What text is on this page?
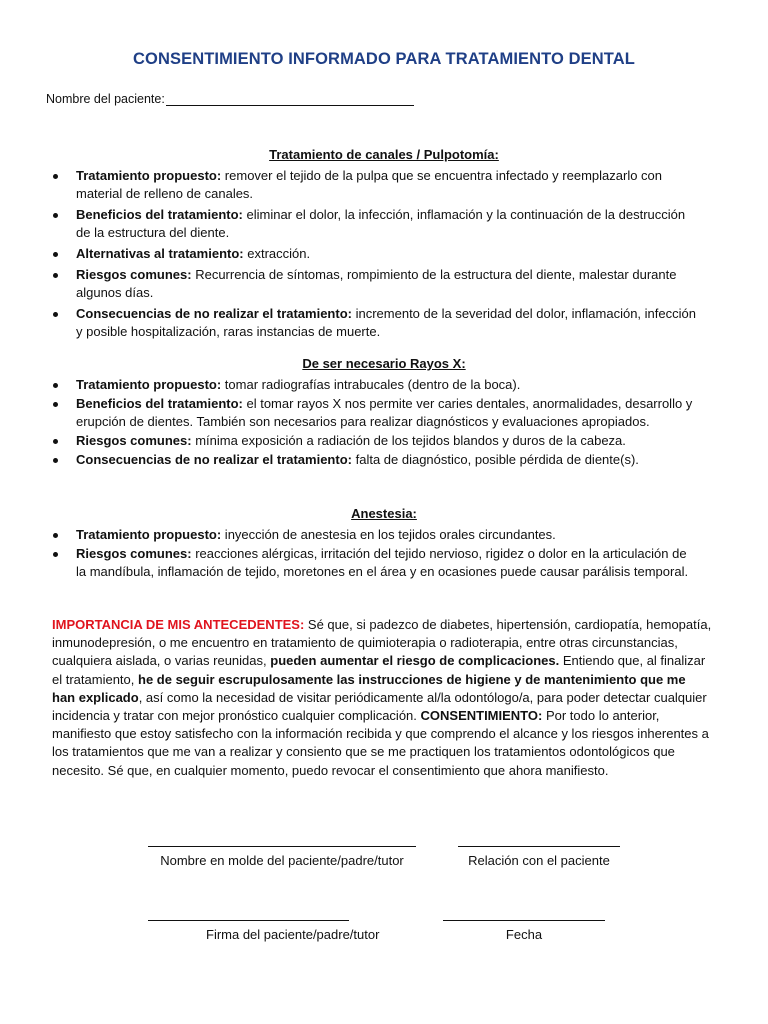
CONSENTIMIENTO INFORMADO PARA TRATAMIENTO DENTAL
Nombre del paciente:
Tratamiento de canales / Pulpotomía:
Tratamiento propuesto: remover el tejido de la pulpa que se encuentra infectado y reemplazarlo con material de relleno de canales.
Beneficios del tratamiento: eliminar el dolor, la infección, inflamación y la continuación de la destrucción de la estructura del diente.
Alternativas al tratamiento: extracción.
Riesgos comunes: Recurrencia de síntomas, rompimiento de la estructura del diente, malestar durante algunos días.
Consecuencias de no realizar el tratamiento: incremento de la severidad del dolor, inflamación, infección y posible hospitalización, raras instancias de muerte.
De ser necesario Rayos X:
Tratamiento propuesto: tomar radiografías intrabucales (dentro de la boca).
Beneficios del tratamiento: el tomar rayos X nos permite ver caries dentales, anormalidades, desarrollo y erupción de dientes. También son necesarios para realizar diagnósticos y evaluaciones apropiados.
Riesgos comunes: mínima exposición a radiación de los tejidos blandos y duros de la cabeza.
Consecuencias de no realizar el tratamiento: falta de diagnóstico, posible pérdida de diente(s).
Anestesia:
Tratamiento propuesto: inyección de anestesia en los tejidos orales circundantes.
Riesgos comunes: reacciones alérgicas, irritación del tejido nervioso, rigidez o dolor en la articulación de la mandíbula, inflamación de tejido, moretones en el área y en ocasiones puede causar parálisis temporal.
IMPORTANCIA DE MIS ANTECEDENTES: Sé que, si padezco de diabetes, hipertensión, cardiopatía, hemopatía, inmunodepresión, o me encuentro en tratamiento de quimioterapia o radioterapia, entre otras circunstancias, cualquiera aislada, o varias reunidas, pueden aumentar el riesgo de complicaciones. Entiendo que, al finalizar el tratamiento, he de seguir escrupulosamente las instrucciones de higiene y de mantenimiento que me han explicado, así como la necesidad de visitar periódicamente al/la odontólogo/a, para poder detectar cualquier incidencia y tratar con mejor pronóstico cualquier complicación. CONSENTIMIENTO: Por todo lo anterior, manifiesto que estoy satisfecho con la información recibida y que comprendo el alcance y los riesgos inherentes a los tratamientos que me van a realizar y consiento que se me practiquen los tratamientos odontológicos que necesito. Sé que, en cualquier momento, puedo revocar el consentimiento que ahora manifiesto.
Nombre en molde del paciente/padre/tutor	Relación con el paciente
Firma del paciente/padre/tutor	Fecha
